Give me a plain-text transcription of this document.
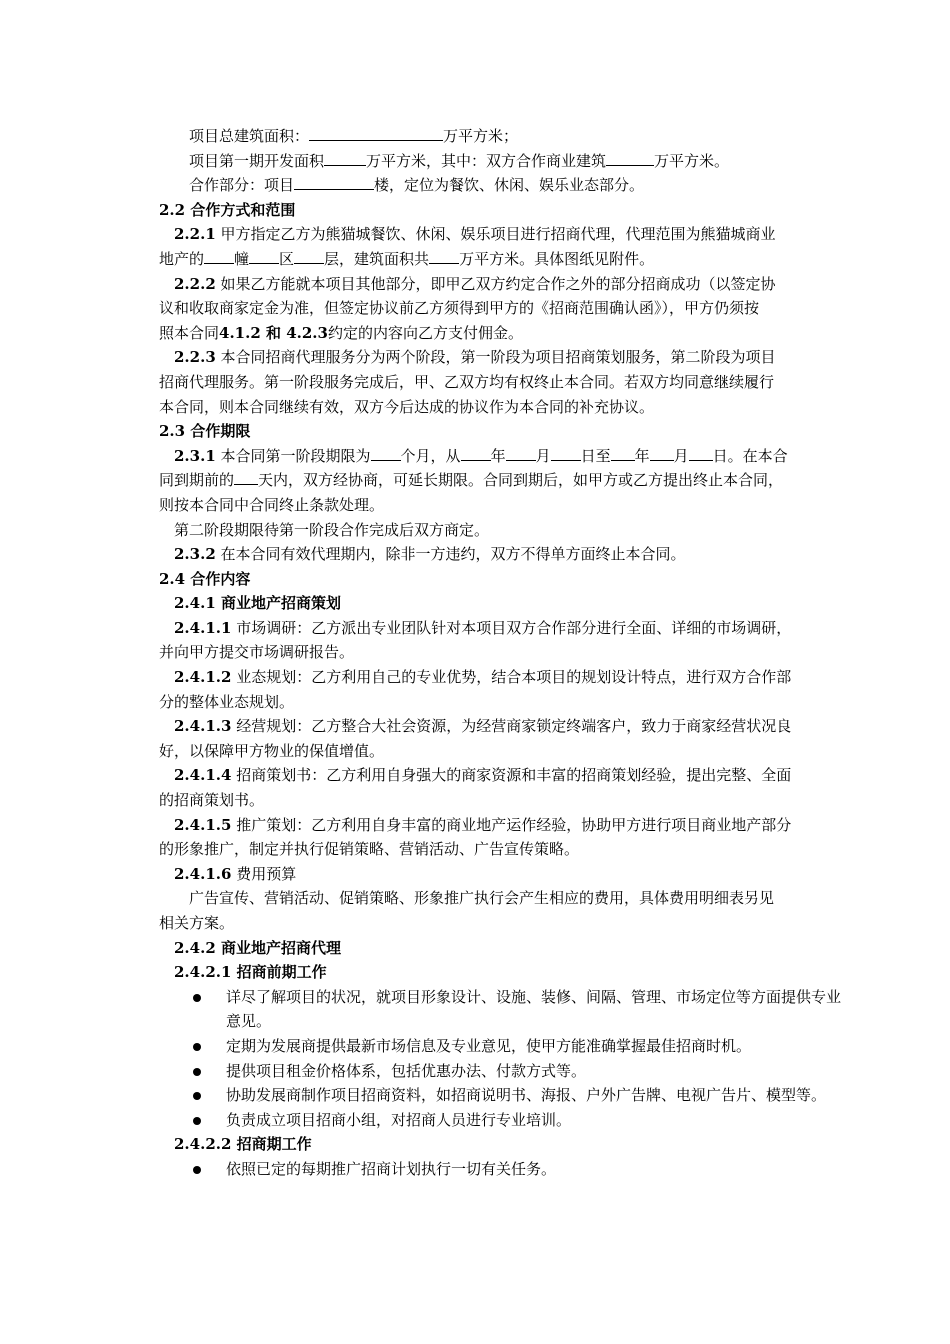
项目总建筑面积：	万平方米；
项目第一期开发面积	万平方米，其中：双方合作商业建筑	万平方米。
合作部分：项目	楼，定位为餐饮、休闲、娱乐业态部分。
2.2 合作方式和范围
2.2.1 甲方指定乙方为熊猫城餐饮、休闲、娱乐项目进行招商代理，代理范围为熊猫城商业
地产的 幢 区 层，建筑面积共 万平方米。具体图纸见附件。
2.2.2 如果乙方能就本项目其他部分，即甲乙双方约定合作之外的部分招商成功（以签定协
议和收取商家定金为准，但签定协议前乙方须得到甲方的《招商范围确认函》），甲方仍须按
照本合同4.1.2 和 4.2.3约定的内容向乙方支付佣金。
2.2.3 本合同招商代理服务分为两个阶段，第一阶段为项目招商策划服务，第二阶段为项目
招商代理服务。第一阶段服务完成后，甲、乙双方均有权终止本合同。若双方均同意继续履行
本合同，则本合同继续有效，双方今后达成的协议作为本合同的补充协议。
2.3 合作期限
2.3.1 本合同第一阶段期限为 个月，从 年 月 日至 年 月 日。在本合
同到期前的 天内，双方经协商，可延长期限。合同到期后，如甲方或乙方提出终止本合同，
则按本合同中合同终止条款处理。
第二阶段期限待第一阶段合作完成后双方商定。
2.3.2 在本合同有效代理期内，除非一方违约，双方不得单方面终止本合同。
2.4 合作内容
2.4.1 商业地产招商策划
2.4.1.1 市场调研：乙方派出专业团队针对本项目双方合作部分进行全面、详细的市场调研，
并向甲方提交市场调研报告。
2.4.1.2 业态规划：乙方利用自己的专业优势，结合本项目的规划设计特点，进行双方合作部
分的整体业态规划。
2.4.1.3 经营规划：乙方整合大社会资源，为经营商家锁定终端客户，致力于商家经营状况良
好，以保障甲方物业的保值增值。
2.4.1.4 招商策划书：乙方利用自身强大的商家资源和丰富的招商策划经验，提出完整、全面
的招商策划书。
2.4.1.5 推广策划：乙方利用自身丰富的商业地产运作经验，协助甲方进行项目商业地产部分
的形象推广，制定并执行促销策略、营销活动、广告宣传策略。
2.4.1.6 费用预算
广告宣传、营销活动、促销策略、形象推广执行会产生相应的费用，具体费用明细表另见
相关方案。
2.4.2 商业地产招商代理
2.4.2.1 招商前期工作
详尽了解项目的状况，就项目形象设计、设施、装修、间隔、管理、市场定位等方面提供专业意见。
定期为发展商提供最新市场信息及专业意见，使甲方能准确掌握最佳招商时机。
提供项目租金价格体系，包括优惠办法、付款方式等。
协助发展商制作项目招商资料，如招商说明书、海报、户外广告牌、电视广告片、模型等。
负责成立项目招商小组，对招商人员进行专业培训。
2.4.2.2 招商期工作
依照已定的每期推广招商计划执行一切有关任务。
